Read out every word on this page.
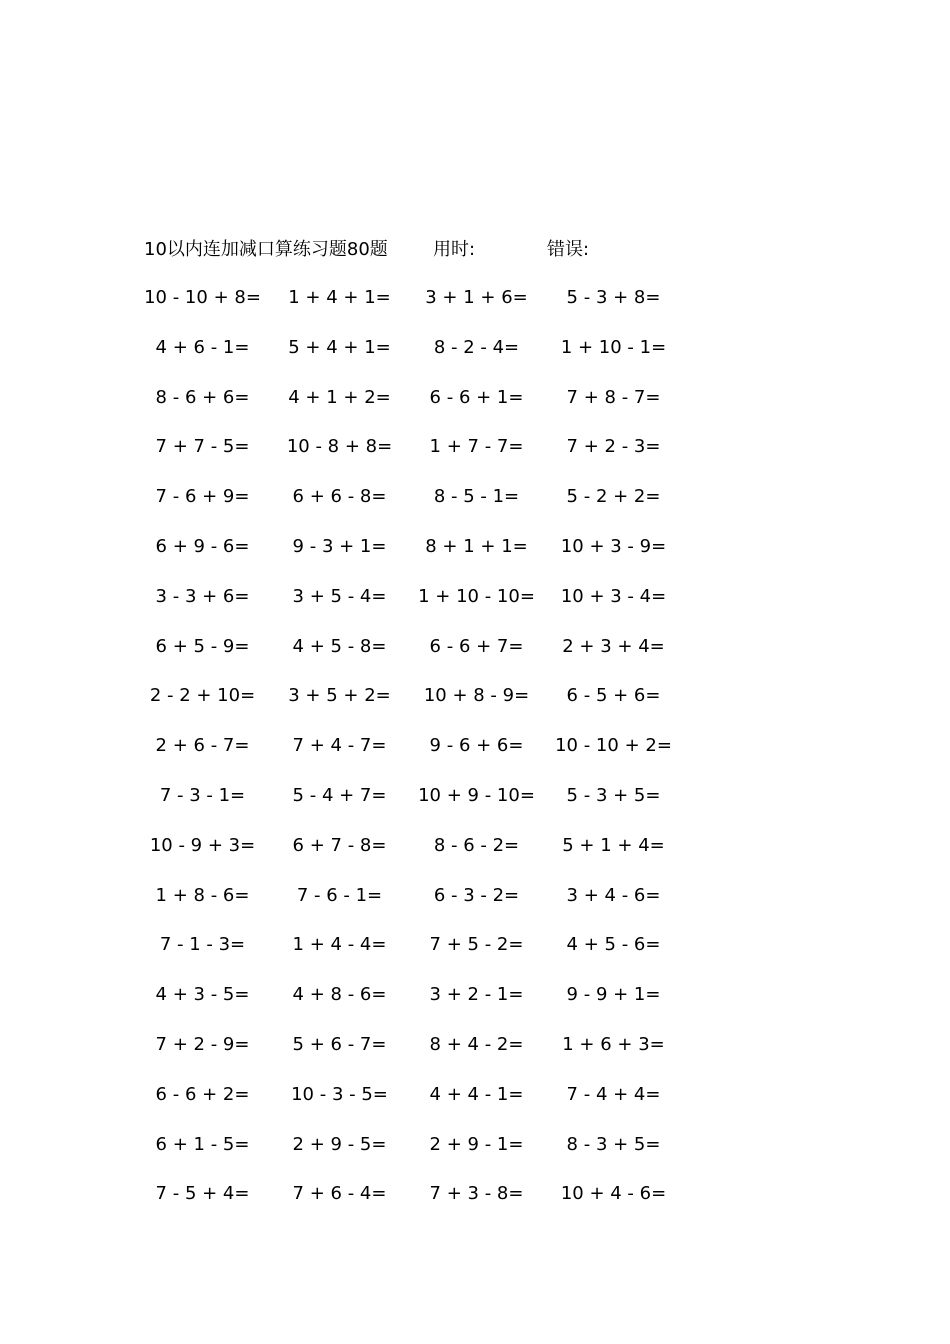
10以内连加减口算练习题80题	用时:	错误:
10 - 10 + 8=	1 + 4 + 1=	3 + 1 + 6=	5 - 3 + 8=
4 + 6 - 1=	5 + 4 + 1=	8 - 2 - 4=	1 + 10 - 1=
8 - 6 + 6=	4 + 1 + 2=	6 - 6 + 1=	7 + 8 - 7=
7 + 7 - 5=	10 - 8 + 8=	1 + 7 - 7=	7 + 2 - 3=
7 - 6 + 9=	6 + 6 - 8=	8 - 5 - 1=	5 - 2 + 2=
6 + 9 - 6=	9 - 3 + 1=	8 + 1 + 1=	10 + 3 - 9=
3 - 3 + 6=	3 + 5 - 4=	1 + 10 - 10=	10 + 3 - 4=
6 + 5 - 9=	4 + 5 - 8=	6 - 6 + 7=	2 + 3 + 4=
2 - 2 + 10=	3 + 5 + 2=	10 + 8 - 9=	6 - 5 + 6=
2 + 6 - 7=	7 + 4 - 7=	9 - 6 + 6=	10 - 10 + 2=
7 - 3 - 1=	5 - 4 + 7=	10 + 9 - 10=	5 - 3 + 5=
10 - 9 + 3=	6 + 7 - 8=	8 - 6 - 2=	5 + 1 + 4=
1 + 8 - 6=	7 - 6 - 1=	6 - 3 - 2=	3 + 4 - 6=
7 - 1 - 3=	1 + 4 - 4=	7 + 5 - 2=	4 + 5 - 6=
4 + 3 - 5=	4 + 8 - 6=	3 + 2 - 1=	9 - 9 + 1=
7 + 2 - 9=	5 + 6 - 7=	8 + 4 - 2=	1 + 6 + 3=
6 - 6 + 2=	10 - 3 - 5=	4 + 4 - 1=	7 - 4 + 4=
6 + 1 - 5=	2 + 9 - 5=	2 + 9 - 1=	8 - 3 + 5=
7 - 5 + 4=	7 + 6 - 4=	7 + 3 - 8=	10 + 4 - 6=
